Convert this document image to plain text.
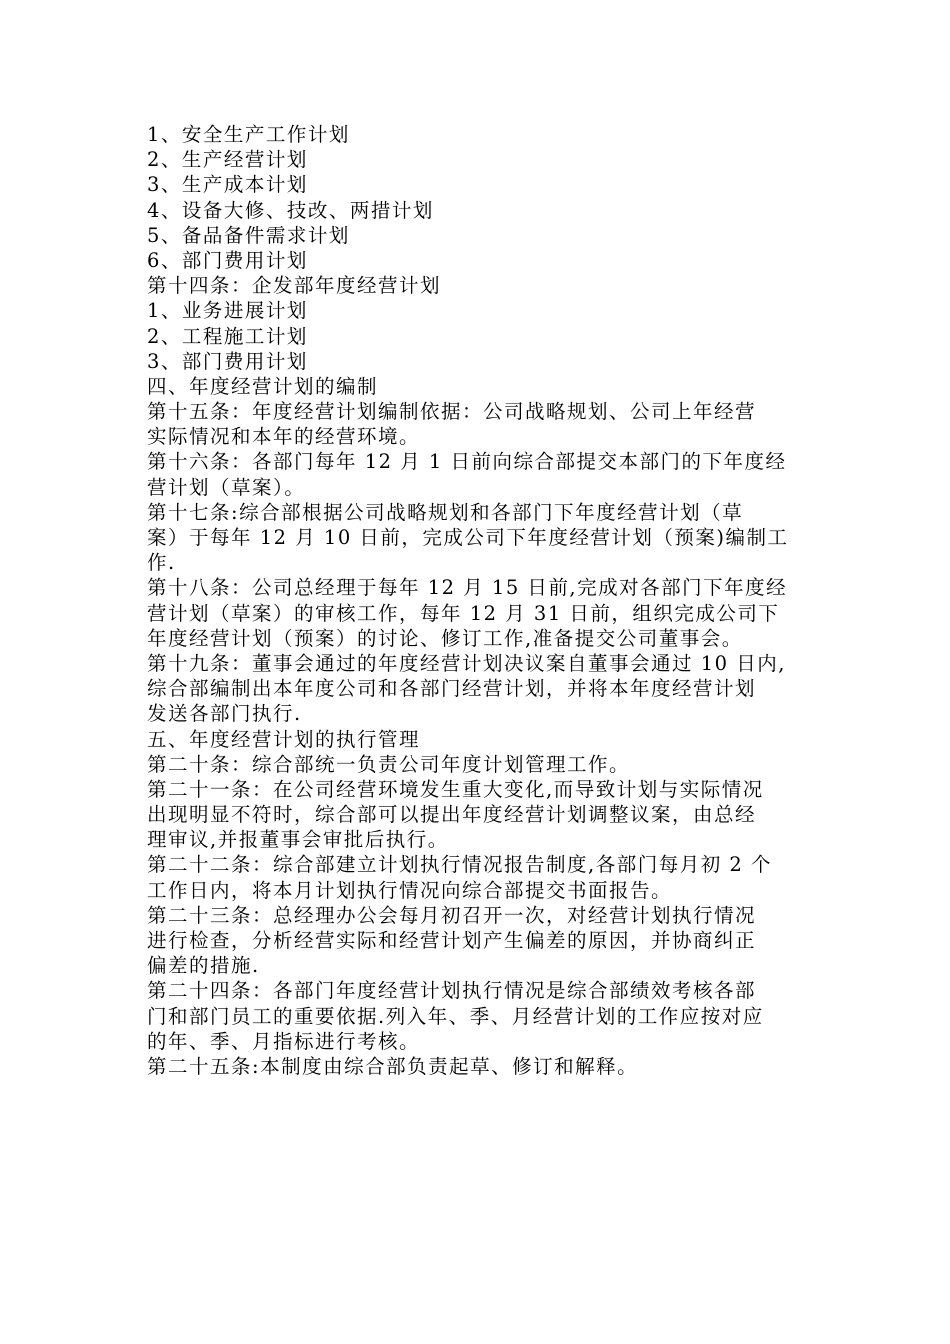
1、安全生产工作计划
2、生产经营计划
3、生产成本计划
4、设备大修、技改、两措计划
5、备品备件需求计划
6、部门费用计划
第十四条：企发部年度经营计划
1、业务进展计划
2、工程施工计划
3、部门费用计划
四、年度经营计划的编制
第十五条：年度经营计划编制依据：公司战略规划、公司上年经营
实际情况和本年的经营环境。
第十六条：各部门每年 12 月 1 日前向综合部提交本部门的下年度经
营计划（草案）。
第十七条:综合部根据公司战略规划和各部门下年度经营计划（草
案）于每年 12 月 10 日前，完成公司下年度经营计划（预案)编制工
作.
第十八条：公司总经理于每年 12 月 15 日前,完成对各部门下年度经
营计划（草案）的审核工作，每年 12 月 31 日前，组织完成公司下
年度经营计划（预案）的讨论、修订工作,准备提交公司董事会。
第十九条：董事会通过的年度经营计划决议案自董事会通过 10 日内,
综合部编制出本年度公司和各部门经营计划，并将本年度经营计划
发送各部门执行.
五、年度经营计划的执行管理
第二十条：综合部统一负责公司年度计划管理工作。
第二十一条：在公司经营环境发生重大变化,而导致计划与实际情况
出现明显不符时，综合部可以提出年度经营计划调整议案，由总经
理审议,并报董事会审批后执行。
第二十二条：综合部建立计划执行情况报告制度,各部门每月初 2 个
工作日内，将本月计划执行情况向综合部提交书面报告。
第二十三条：总经理办公会每月初召开一次，对经营计划执行情况
进行检查，分析经营实际和经营计划产生偏差的原因，并协商纠正
偏差的措施.
第二十四条：各部门年度经营计划执行情况是综合部绩效考核各部
门和部门员工的重要依据.列入年、季、月经营计划的工作应按对应
的年、季、月指标进行考核。
第二十五条:本制度由综合部负责起草、修订和解释。
